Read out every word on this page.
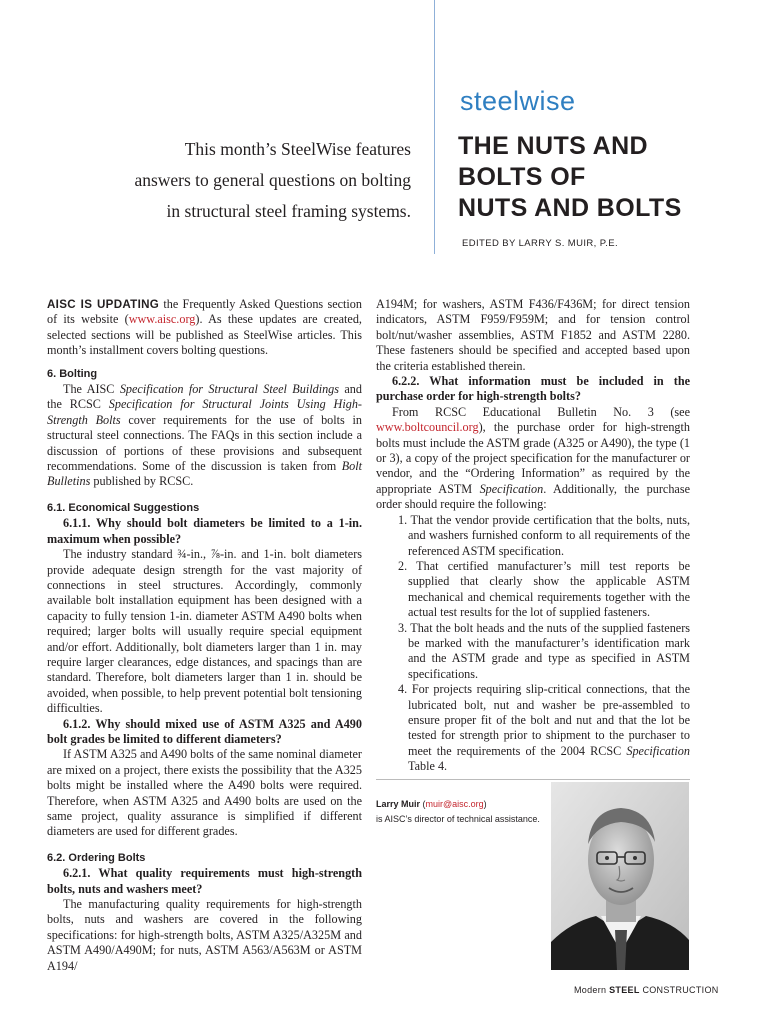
This month’s SteelWise features
answers to general questions on bolting
in structural steel framing systems.
steelwise
THE NUTS AND
BOLTS OF
NUTS AND BOLTS
EDITED BY LARRY S. MUIR, P.E.

AISC IS UPDATING the Frequently Asked Questions section of its website (www.aisc.org). As these updates are created, selected sections will be published as SteelWise articles. This month’s installment covers bolting questions.

6. Bolting

The AISC Specification for Structural Steel Buildings and the RCSC Specification for Structural Joints Using High-Strength Bolts cover requirements for the use of bolts in structural steel connections. The FAQs in this section include a discussion of portions of these provisions and subsequent recommendations. Some of the discussion is taken from Bolt Bulletins published by RCSC.

6.1. Economical Suggestions

6.1.1. Why should bolt diameters be limited to a 1-in. maximum when possible?

The industry standard ¾-in., ⅞-in. and 1-in. bolt diameters provide adequate design strength for the vast majority of connections in steel structures. Accordingly, commonly available bolt installation equipment has been designed with a capacity to fully tension 1-in. diameter ASTM A490 bolts when required; larger bolts will usually require special equipment and/or effort. Additionally, bolt diameters larger than 1 in. may require larger clearances, edge distances, and spacings than are standard. Therefore, bolt diameters larger than 1 in. should be avoided, when possible, to help prevent potential bolt tensioning difficulties.

6.1.2. Why should mixed use of ASTM A325 and A490 bolt grades be limited to different diameters?

If ASTM A325 and A490 bolts of the same nominal diameter are mixed on a project, there exists the possibility that the A325 bolts might be installed where the A490 bolts were required. Therefore, when ASTM A325 and A490 bolts are used on the same project, quality assurance is simplified if different diameters are used for different grades.

6.2. Ordering Bolts

6.2.1. What quality requirements must high-strength bolts, nuts and washers meet?

The manufacturing quality requirements for high-strength bolts, nuts and washers are covered in the following specifications: for high-strength bolts, ASTM A325/A325M and ASTM A490/A490M; for nuts, ASTM A563/A563M or ASTM A194/

A194M; for washers, ASTM F436/F436M; for direct tension indicators, ASTM F959/F959M; and for tension control bolt/nut/washer assemblies, ASTM F1852 and ASTM 2280. These fasteners should be specified and accepted based upon the criteria established therein.

6.2.2. What information must be included in the purchase order for high-strength bolts?

From RCSC Educational Bulletin No. 3 (see www.boltcouncil.org), the purchase order for high-strength bolts must include the ASTM grade (A325 or A490), the type (1 or 3), a copy of the project specification for the manufacturer or vendor, and the “Ordering Information” as required by the appropriate ASTM Specification. Additionally, the purchase order should require the following:

1. That the vendor provide certification that the bolts, nuts, and washers furnished conform to all requirements of the referenced ASTM specification.
2. That certified manufacturer’s mill test reports be supplied that clearly show the applicable ASTM mechanical and chemical requirements together with the actual test results for the lot of supplied fasteners.
3. That the bolt heads and the nuts of the supplied fasteners be marked with the manufacturer’s identification mark and the ASTM grade and type as specified in ASTM specifications.
4. For projects requiring slip-critical connections, that the lubricated bolt, nut and washer be pre-assembled to ensure proper fit of the bolt and nut and that the lot be tested for strength prior to shipment to the purchaser to meet the requirements of the 2004 RCSC Specification Table 4.
Larry Muir (muir@aisc.org)
is AISC’s director of technical assistance.
Modern STEEL CONSTRUCTION
